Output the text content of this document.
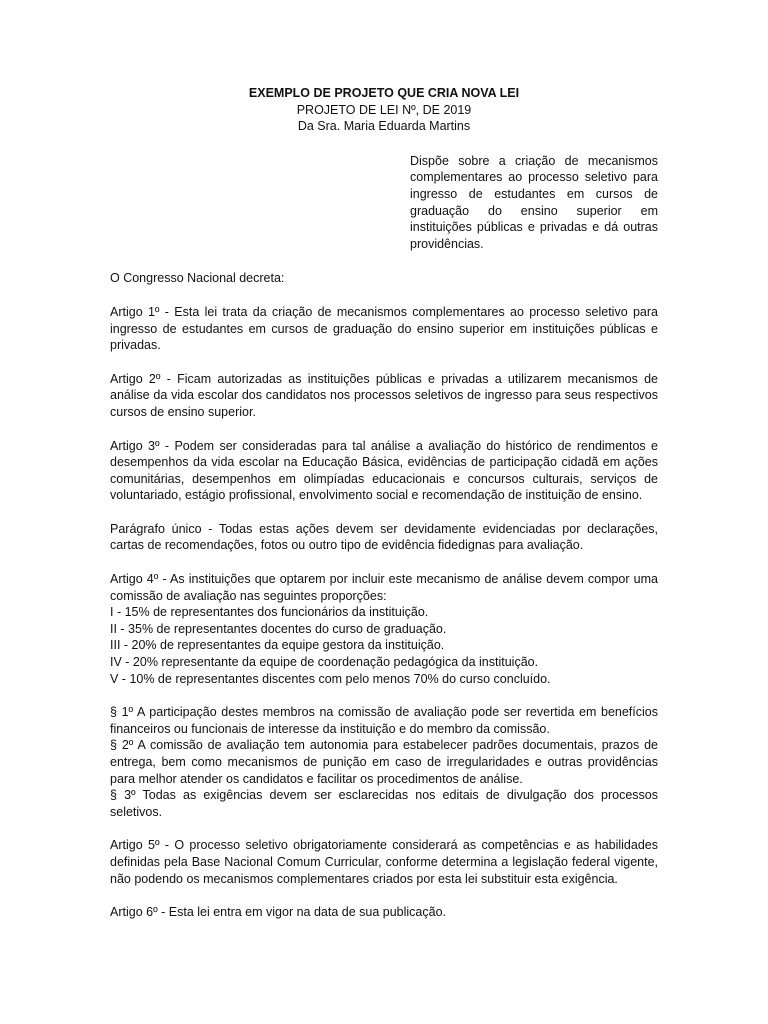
EXEMPLO DE PROJETO QUE CRIA NOVA LEI
PROJETO DE LEI Nº, DE 2019
Da Sra. Maria Eduarda Martins
Dispõe sobre a criação de mecanismos complementares ao processo seletivo para ingresso de estudantes em cursos de graduação do ensino superior em instituições públicas e privadas e dá outras providências.

O Congresso Nacional decreta:

Artigo 1º - Esta lei trata da criação de mecanismos complementares ao processo seletivo para ingresso de estudantes em cursos de graduação do ensino superior em instituições públicas e privadas.

Artigo 2º - Ficam autorizadas as instituições públicas e privadas a utilizarem mecanismos de análise da vida escolar dos candidatos nos processos seletivos de ingresso para seus respectivos cursos de ensino superior.

Artigo 3º - Podem ser consideradas para tal análise a avaliação do histórico de rendimentos e desempenhos da vida escolar na Educação Básica, evidências de participação cidadã em ações comunitárias, desempenhos em olimpíadas educacionais e concursos culturais, serviços de voluntariado, estágio profissional, envolvimento social e recomendação de instituição de ensino.

Parágrafo único - Todas estas ações devem ser devidamente evidenciadas por declarações, cartas de recomendações, fotos ou outro tipo de evidência fidedignas para avaliação.

Artigo 4º - As instituições que optarem por incluir este mecanismo de análise devem compor uma comissão de avaliação nas seguintes proporções:
I - 15% de representantes dos funcionários da instituição.
II - 35% de representantes docentes do curso de graduação.
III - 20% de representantes da equipe gestora da instituição.
IV - 20% representante da equipe de coordenação pedagógica da instituição.
V - 10% de representantes discentes com pelo menos 70% do curso concluído.
§ 1º A participação destes membros na comissão de avaliação pode ser revertida em benefícios financeiros ou funcionais de interesse da instituição e do membro da comissão.
§ 2º A comissão de avaliação tem autonomia para estabelecer padrões documentais, prazos de entrega, bem como mecanismos de punição em caso de irregularidades e outras providências para melhor atender os candidatos e facilitar os procedimentos de análise.
§ 3º Todas as exigências devem ser esclarecidas nos editais de divulgação dos processos seletivos.

Artigo 5º - O processo seletivo obrigatoriamente considerará as competências e as habilidades definidas pela Base Nacional Comum Curricular, conforme determina a legislação federal vigente, não podendo os mecanismos complementares criados por esta lei substituir esta exigência.

Artigo 6º - Esta lei entra em vigor na data de sua publicação.
